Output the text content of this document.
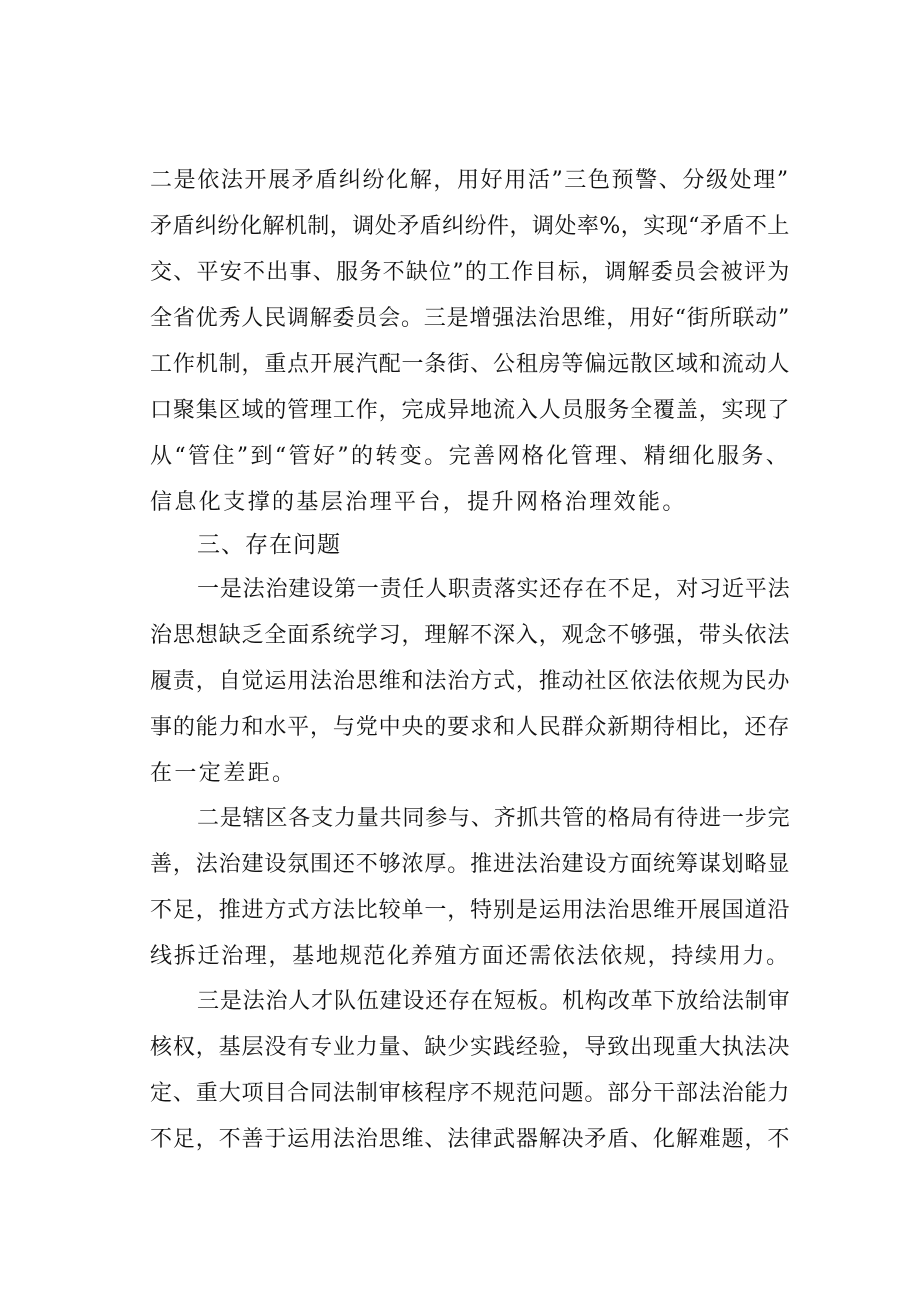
二是依法开展矛盾纠纷化解，用好用活”三色预警、分级处理”
矛盾纠纷化解机制，调处矛盾纠纷件，调处率%，实现“矛盾不上
交、平安不出事、服务不缺位”的工作目标，调解委员会被评为
全省优秀人民调解委员会。三是增强法治思维，用好“街所联动”
工作机制，重点开展汽配一条街、公租房等偏远散区域和流动人
口聚集区域的管理工作，完成异地流入人员服务全覆盖，实现了
从“管住”到“管好”的转变。完善网格化管理、精细化服务、
信息化支撑的基层治理平台，提升网格治理效能。
三、存在问题
一是法治建设第一责任人职责落实还存在不足，对习近平法
治思想缺乏全面系统学习，理解不深入，观念不够强，带头依法
履责，自觉运用法治思维和法治方式，推动社区依法依规为民办
事的能力和水平，与党中央的要求和人民群众新期待相比，还存
在一定差距。
二是辖区各支力量共同参与、齐抓共管的格局有待进一步完
善，法治建设氛围还不够浓厚。推进法治建设方面统筹谋划略显
不足，推进方式方法比较单一，特别是运用法治思维开展国道沿
线拆迁治理，基地规范化养殖方面还需依法依规，持续用力。
三是法治人才队伍建设还存在短板。机构改革下放给法制审
核权，基层没有专业力量、缺少实践经验，导致出现重大执法决
定、重大项目合同法制审核程序不规范问题。部分干部法治能力
不足，不善于运用法治思维、法律武器解决矛盾、化解难题，不
